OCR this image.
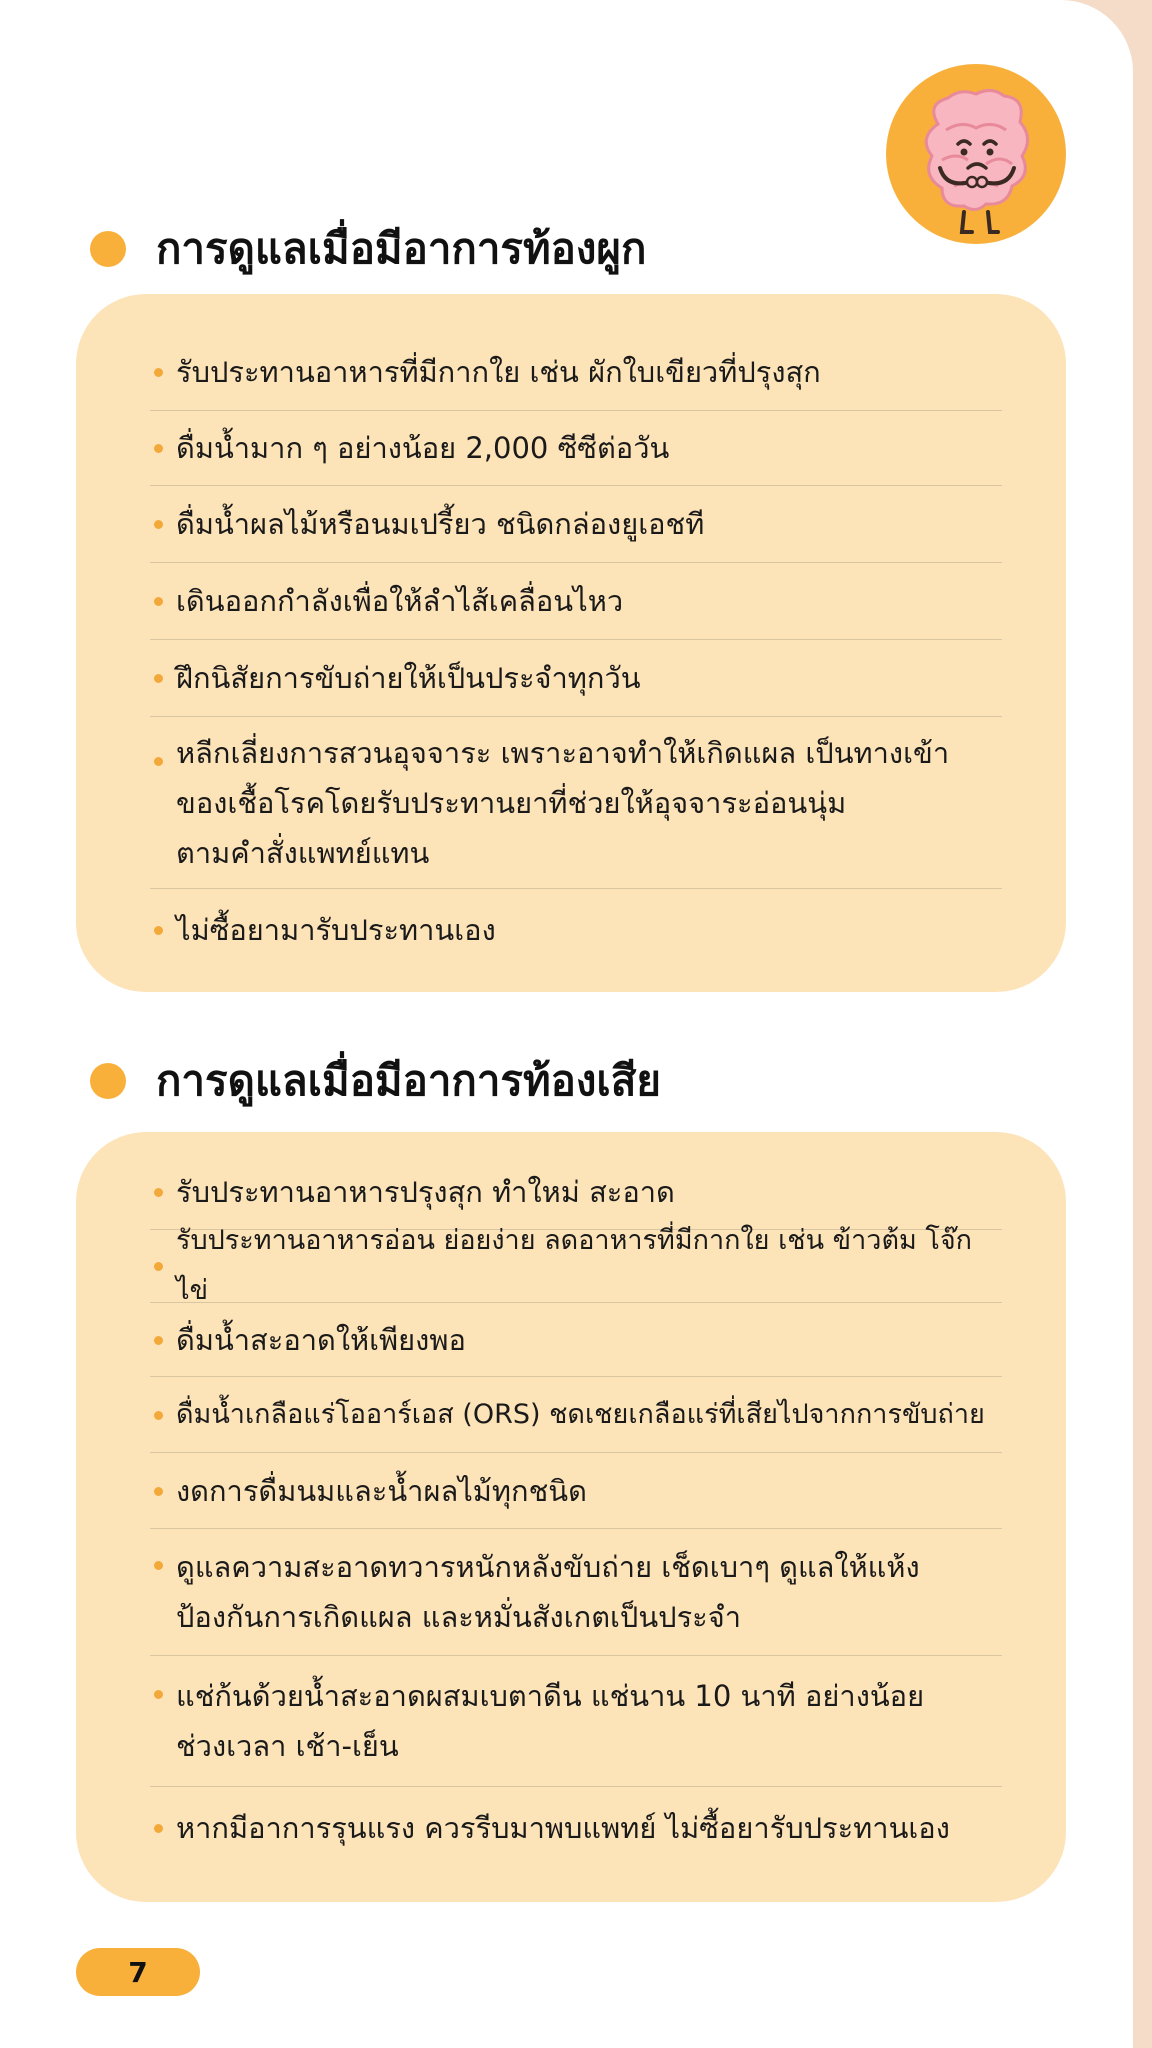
การดูแลเมื่อมีอาการท้องผูก
รับประทานอาหารที่มีกากใย เช่น ผักใบเขียวที่ปรุงสุก
ดื่มน้ำมาก ๆ อย่างน้อย 2,000 ซีซีต่อวัน
ดื่มน้ำผลไม้หรือนมเปรี้ยว ชนิดกล่องยูเอชที
เดินออกกำลังเพื่อให้ลำไส้เคลื่อนไหว
ฝึกนิสัยการขับถ่ายให้เป็นประจำทุกวัน
หลีกเลี่ยงการสวนอุจจาระ เพราะอาจทำให้เกิดแผล เป็นทางเข้า
ของเชื้อโรคโดยรับประทานยาที่ช่วยให้อุจจาระอ่อนนุ่ม
ตามคำสั่งแพทย์แทน
ไม่ซื้อยามารับประทานเอง
การดูแลเมื่อมีอาการท้องเสีย
รับประทานอาหารปรุงสุก ทำใหม่ สะอาด
รับประทานอาหารอ่อน ย่อยง่าย ลดอาหารที่มีกากใย เช่น ข้าวต้ม โจ๊ก ไข่
ดื่มน้ำสะอาดให้เพียงพอ
ดื่มน้ำเกลือแร่โออาร์เอส (ORS) ชดเชยเกลือแร่ที่เสียไปจากการขับถ่าย
งดการดื่มนมและน้ำผลไม้ทุกชนิด
ดูแลความสะอาดทวารหนักหลังขับถ่าย เช็ดเบาๆ ดูแลให้แห้ง
ป้องกันการเกิดแผล และหมั่นสังเกตเป็นประจำ
แช่ก้นด้วยน้ำสะอาดผสมเบตาดีน แช่นาน 10 นาที อย่างน้อย
ช่วงเวลา เช้า-เย็น
หากมีอาการรุนแรง ควรรีบมาพบแพทย์ ไม่ซื้อยารับประทานเอง
7
